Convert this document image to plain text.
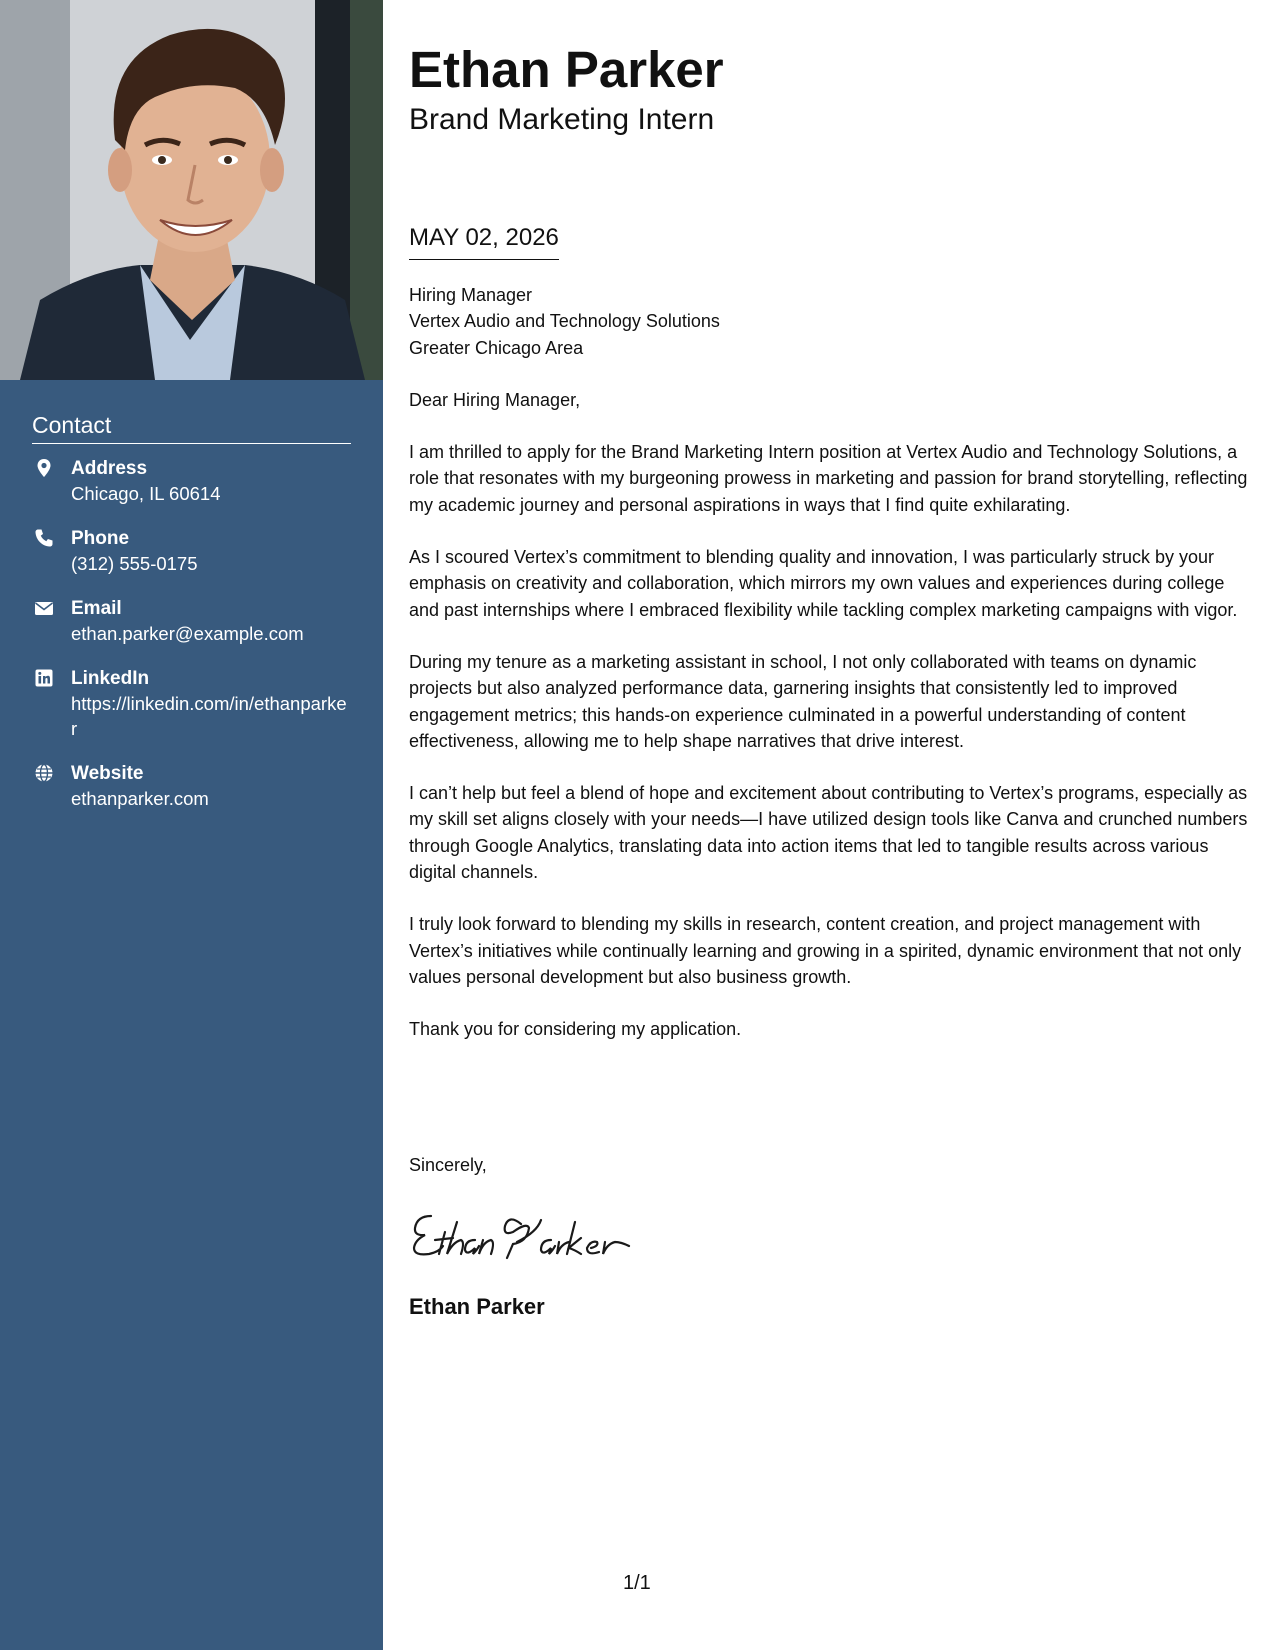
Contact
Address
Chicago, IL 60614
Phone
(312) 555-0175
Email
ethan.parker@example.com
LinkedIn
https://linkedin.com/in/ethanparker
Website
ethanparker.com
Ethan Parker
Brand Marketing Intern
MAY 02, 2026
Hiring Manager
Vertex Audio and Technology Solutions
Greater Chicago Area

Dear Hiring Manager,

I am thrilled to apply for the Brand Marketing Intern position at Vertex Audio and Technology Solutions, a role that resonates with my burgeoning prowess in marketing and passion for brand storytelling, reflecting my academic journey and personal aspirations in ways that I find quite exhilarating.

As I scoured Vertex’s commitment to blending quality and innovation, I was particularly struck by your emphasis on creativity and collaboration, which mirrors my own values and experiences during college and past internships where I embraced flexibility while tackling complex marketing campaigns with vigor.

During my tenure as a marketing assistant in school, I not only collaborated with teams on dynamic projects but also analyzed performance data, garnering insights that consistently led to improved engagement metrics; this hands-on experience culminated in a powerful understanding of content effectiveness, allowing me to help shape narratives that drive interest.

I can’t help but feel a blend of hope and excitement about contributing to Vertex’s programs, especially as my skill set aligns closely with your needs—I have utilized design tools like Canva and crunched numbers through Google Analytics, translating data into action items that led to tangible results across various digital channels.

I truly look forward to blending my skills in research, content creation, and project management with Vertex’s initiatives while continually learning and growing in a spirited, dynamic environment that not only values personal development but also business growth.

Thank you for considering my application.

Sincerely,
Ethan Parker
1/1
